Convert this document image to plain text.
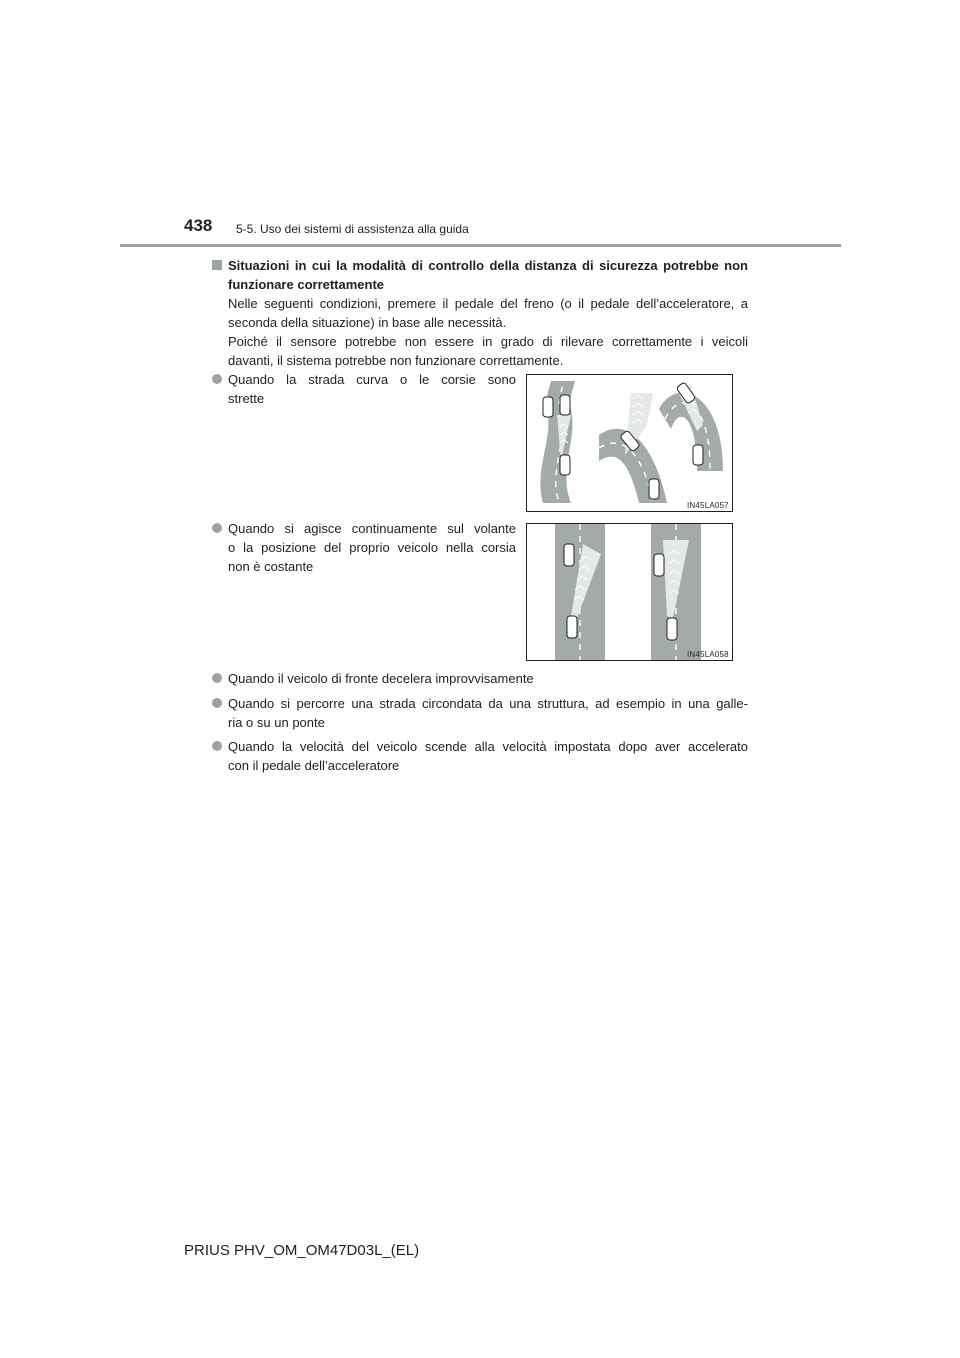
438 5-5. Uso dei sistemi di assistenza alla guida
Situazioni in cui la modalità di controllo della distanza di sicurezza potrebbe non funzionare correttamente
Nelle seguenti condizioni, premere il pedale del freno (o il pedale dell’acceleratore, a
seconda della situazione) in base alle necessità.
Poiché il sensore potrebbe non essere in grado di rilevare correttamente i veicoli
davanti, il sistema potrebbe non funzionare correttamente.
Quando la strada curva o le corsie sono
strette
IN45LA057
Quando si agisce continuamente sul volante
o la posizione del proprio veicolo nella corsia
non è costante
IN45LA058
Quando il veicolo di fronte decelera improvvisamente
Quando si percorre una strada circondata da una struttura, ad esempio in una galle-
ria o su un ponte
Quando la velocità del veicolo scende alla velocità impostata dopo aver accelerato
con il pedale dell’acceleratore
PRIUS PHV_OM_OM47D03L_(EL)
